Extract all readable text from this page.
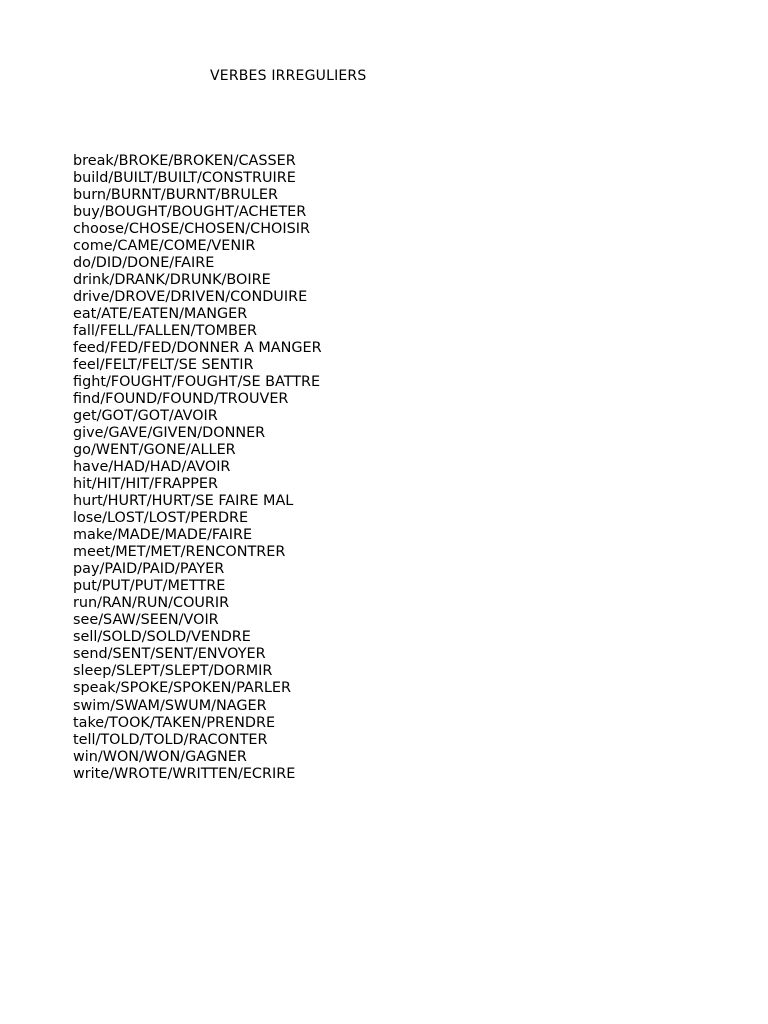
VERBES IRREGULIERS
break/BROKE/BROKEN/CASSER
build/BUILT/BUILT/CONSTRUIRE
burn/BURNT/BURNT/BRULER
buy/BOUGHT/BOUGHT/ACHETER
choose/CHOSE/CHOSEN/CHOISIR
come/CAME/COME/VENIR
do/DID/DONE/FAIRE
drink/DRANK/DRUNK/BOIRE
drive/DROVE/DRIVEN/CONDUIRE
eat/ATE/EATEN/MANGER
fall/FELL/FALLEN/TOMBER
feed/FED/FED/DONNER A MANGER
feel/FELT/FELT/SE SENTIR
fight/FOUGHT/FOUGHT/SE BATTRE
find/FOUND/FOUND/TROUVER
get/GOT/GOT/AVOIR
give/GAVE/GIVEN/DONNER
go/WENT/GONE/ALLER
have/HAD/HAD/AVOIR
hit/HIT/HIT/FRAPPER
hurt/HURT/HURT/SE FAIRE MAL
lose/LOST/LOST/PERDRE
make/MADE/MADE/FAIRE
meet/MET/MET/RENCONTRER
pay/PAID/PAID/PAYER
put/PUT/PUT/METTRE
run/RAN/RUN/COURIR
see/SAW/SEEN/VOIR
sell/SOLD/SOLD/VENDRE
send/SENT/SENT/ENVOYER
sleep/SLEPT/SLEPT/DORMIR
speak/SPOKE/SPOKEN/PARLER
swim/SWAM/SWUM/NAGER
take/TOOK/TAKEN/PRENDRE
tell/TOLD/TOLD/RACONTER
win/WON/WON/GAGNER
write/WROTE/WRITTEN/ECRIRE
